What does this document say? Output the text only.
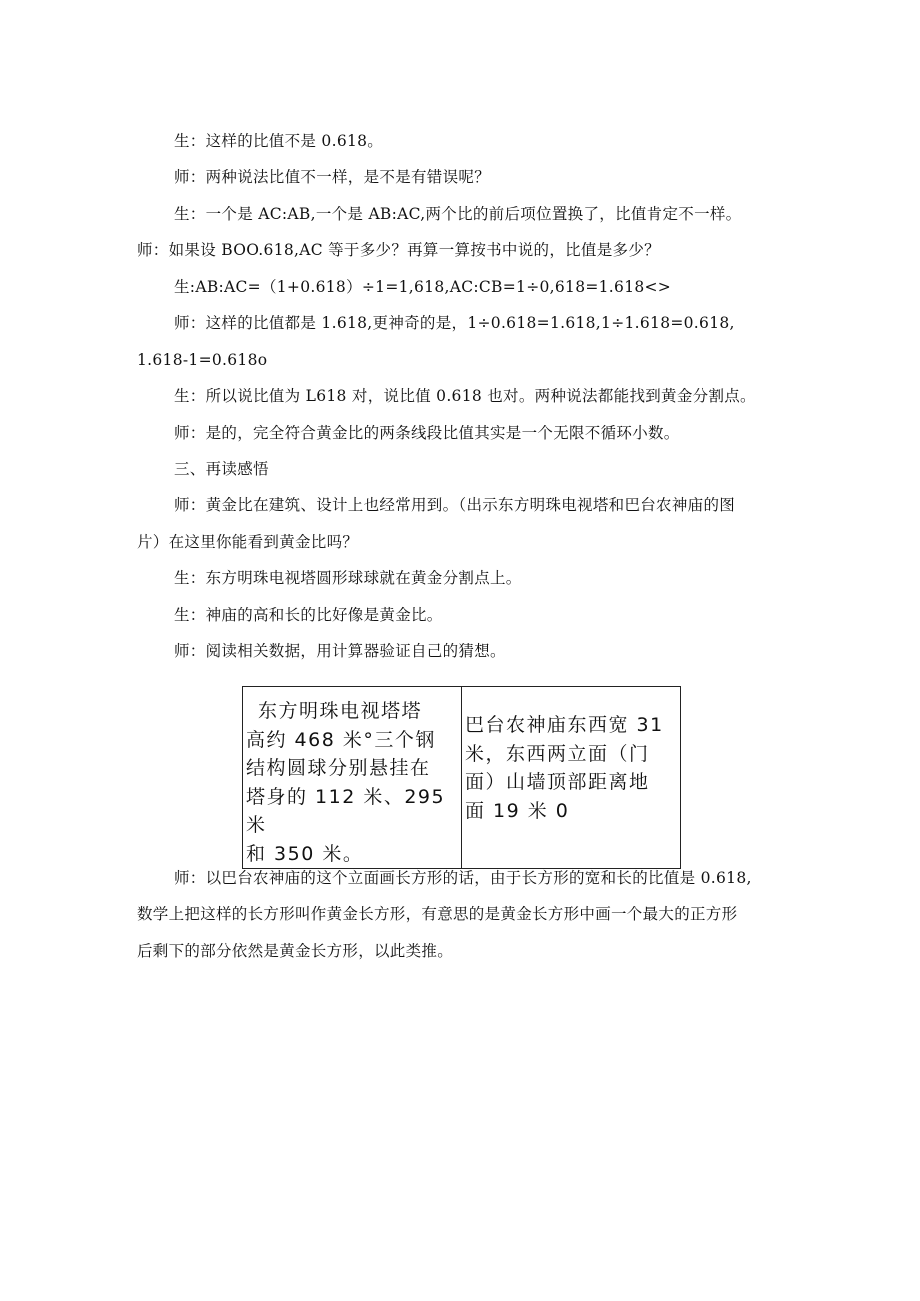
生：这样的比值不是 0.618。
师：两种说法比值不一样，是不是有错误呢？
生：一个是 AC:AB,一个是 AB:AC,两个比的前后项位置换了，比值肯定不一样。
师：如果设 BOO.618,AC 等于多少？再算一算按书中说的，比值是多少？
生:AB:AC=（1+0.618）÷1=1,618,AC:CB=1÷0,618=1.618<>
师：这样的比值都是 1.618,更神奇的是，1÷0.618=1.618,1÷1.618=0.618,
1.618-1=0.618o
生：所以说比值为 L618 对，说比值 0.618 也对。两种说法都能找到黄金分割点。
师：是的，完全符合黄金比的两条线段比值其实是一个无限不循环小数。
三、再读感悟
师：黄金比在建筑、设计上也经常用到。（出示东方明珠电视塔和巴台农神庙的图
片）在这里你能看到黄金比吗？
生：东方明珠电视塔圆形球球就在黄金分割点上。
生：神庙的高和长的比好像是黄金比。
师：阅读相关数据，用计算器验证自己的猜想。
东方明珠电视塔塔
高约 468 米°三个钢
结构圆球分别悬挂在
塔身的 112 米、295 米
和 350 米。

巴台农神庙东西宽 31
米，东西两立面（门
面）山墙顶部距离地
面 19 米 0
师：以巴台农神庙的这个立面画长方形的话，由于长方形的宽和长的比值是 0.618,
数学上把这样的长方形叫作黄金长方形，有意思的是黄金长方形中画一个最大的正方形
后剩下的部分依然是黄金长方形，以此类推。
